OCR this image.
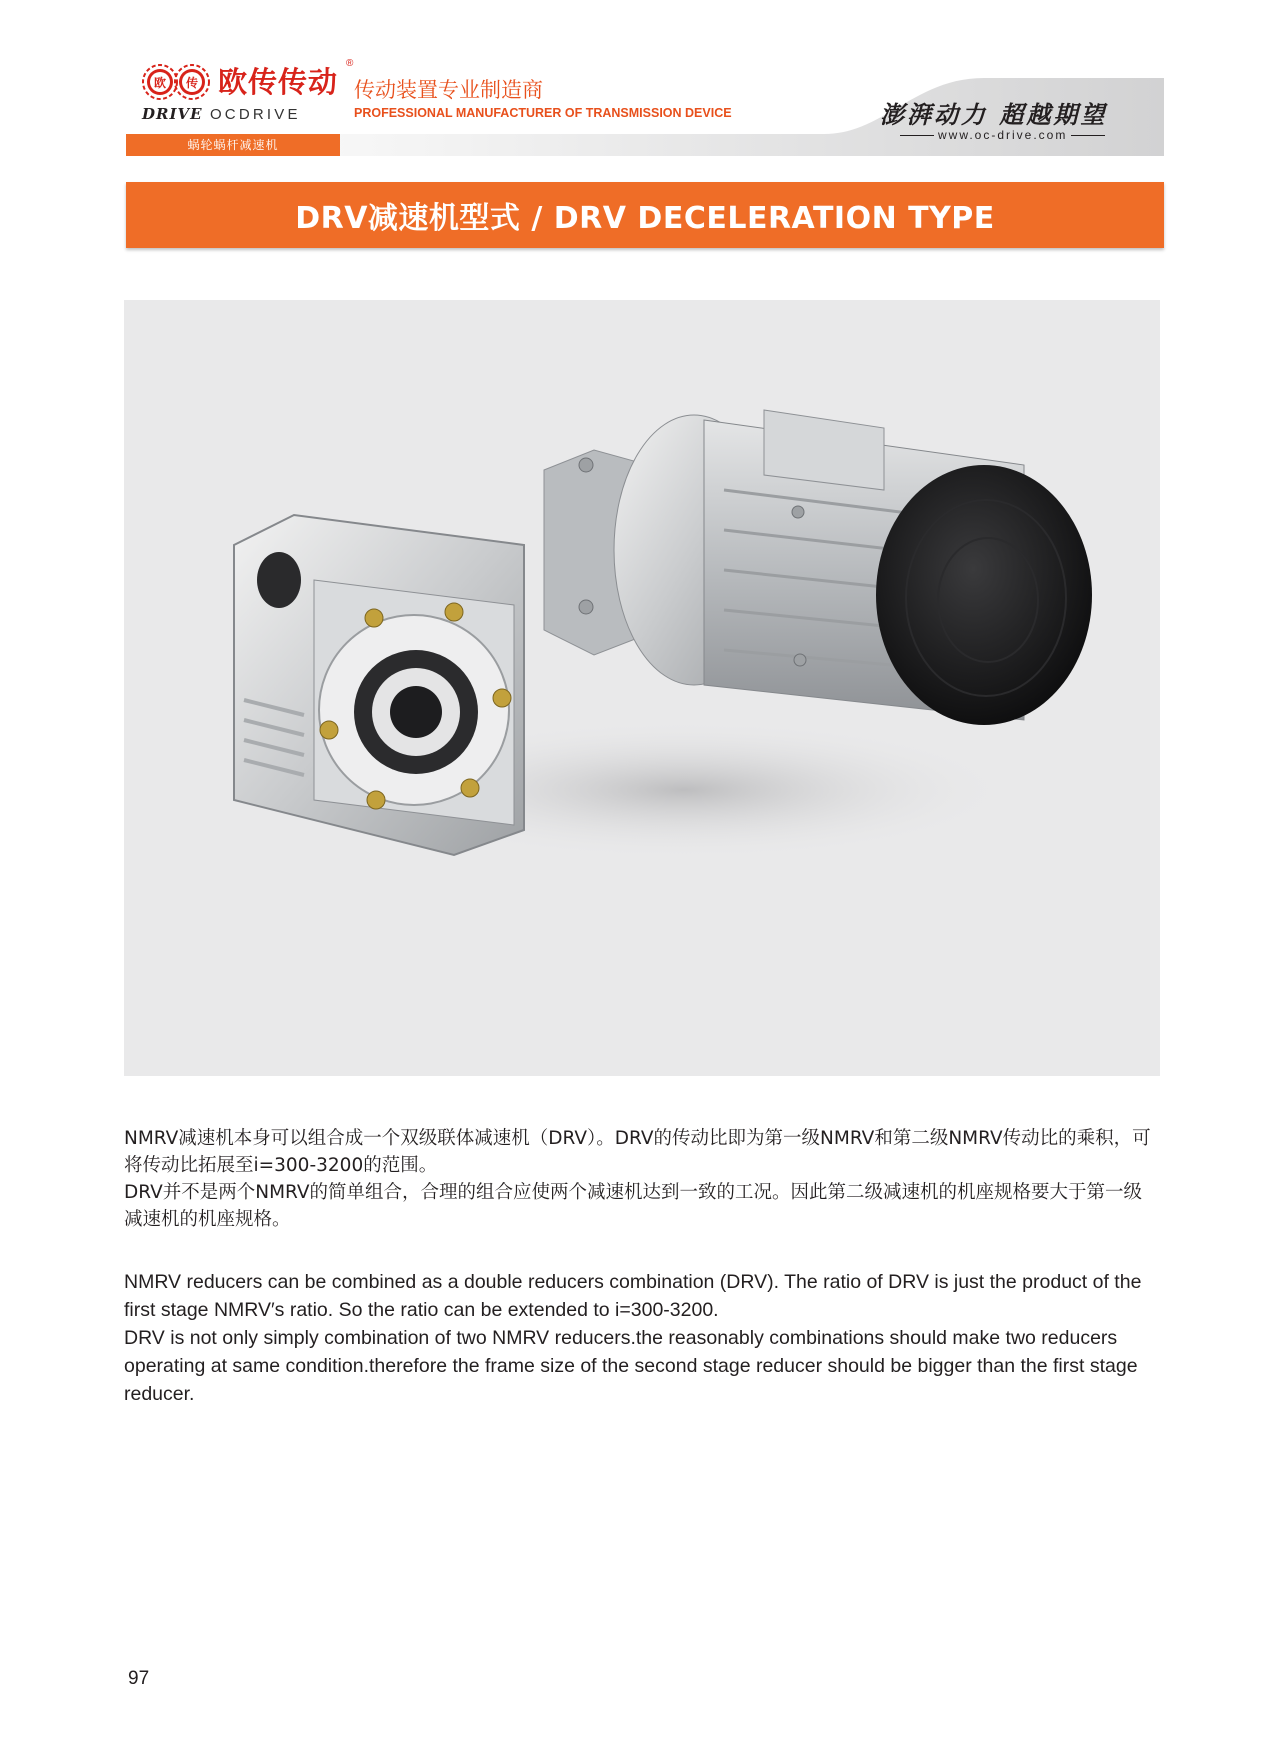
欧 传 欧传传动
®
DRIVE OCDRIVE
传动装置专业制造商
PROFESSIONAL MANUFACTURER OF TRANSMISSION DEVICE
蜗轮蜗杆减速机
澎湃动力 超越期望
www.oc-drive.com
DRV减速机型式 / DRV DECELERATION TYPE

NMRV减速机本身可以组合成一个双级联体减速机（DRV）。DRV的传动比即为第一级NMRV和第二级NMRV传动比的乘积，可将传动比拓展至i=300-3200的范围。

DRV并不是两个NMRV的简单组合，合理的组合应使两个减速机达到一致的工况。因此第二级减速机的机座规格要大于第一级减速机的机座规格。

NMRV reducers can be combined as a double reducers combination (DRV). The ratio of DRV is just the product of the first stage NMRV′s ratio. So the ratio can be extended to i=300-3200.

DRV is not only simply combination of two NMRV reducers.the reasonably combinations should make two reducers operating at same condition.therefore the frame size of the second stage reducer should be bigger than the first stage reducer.

97
